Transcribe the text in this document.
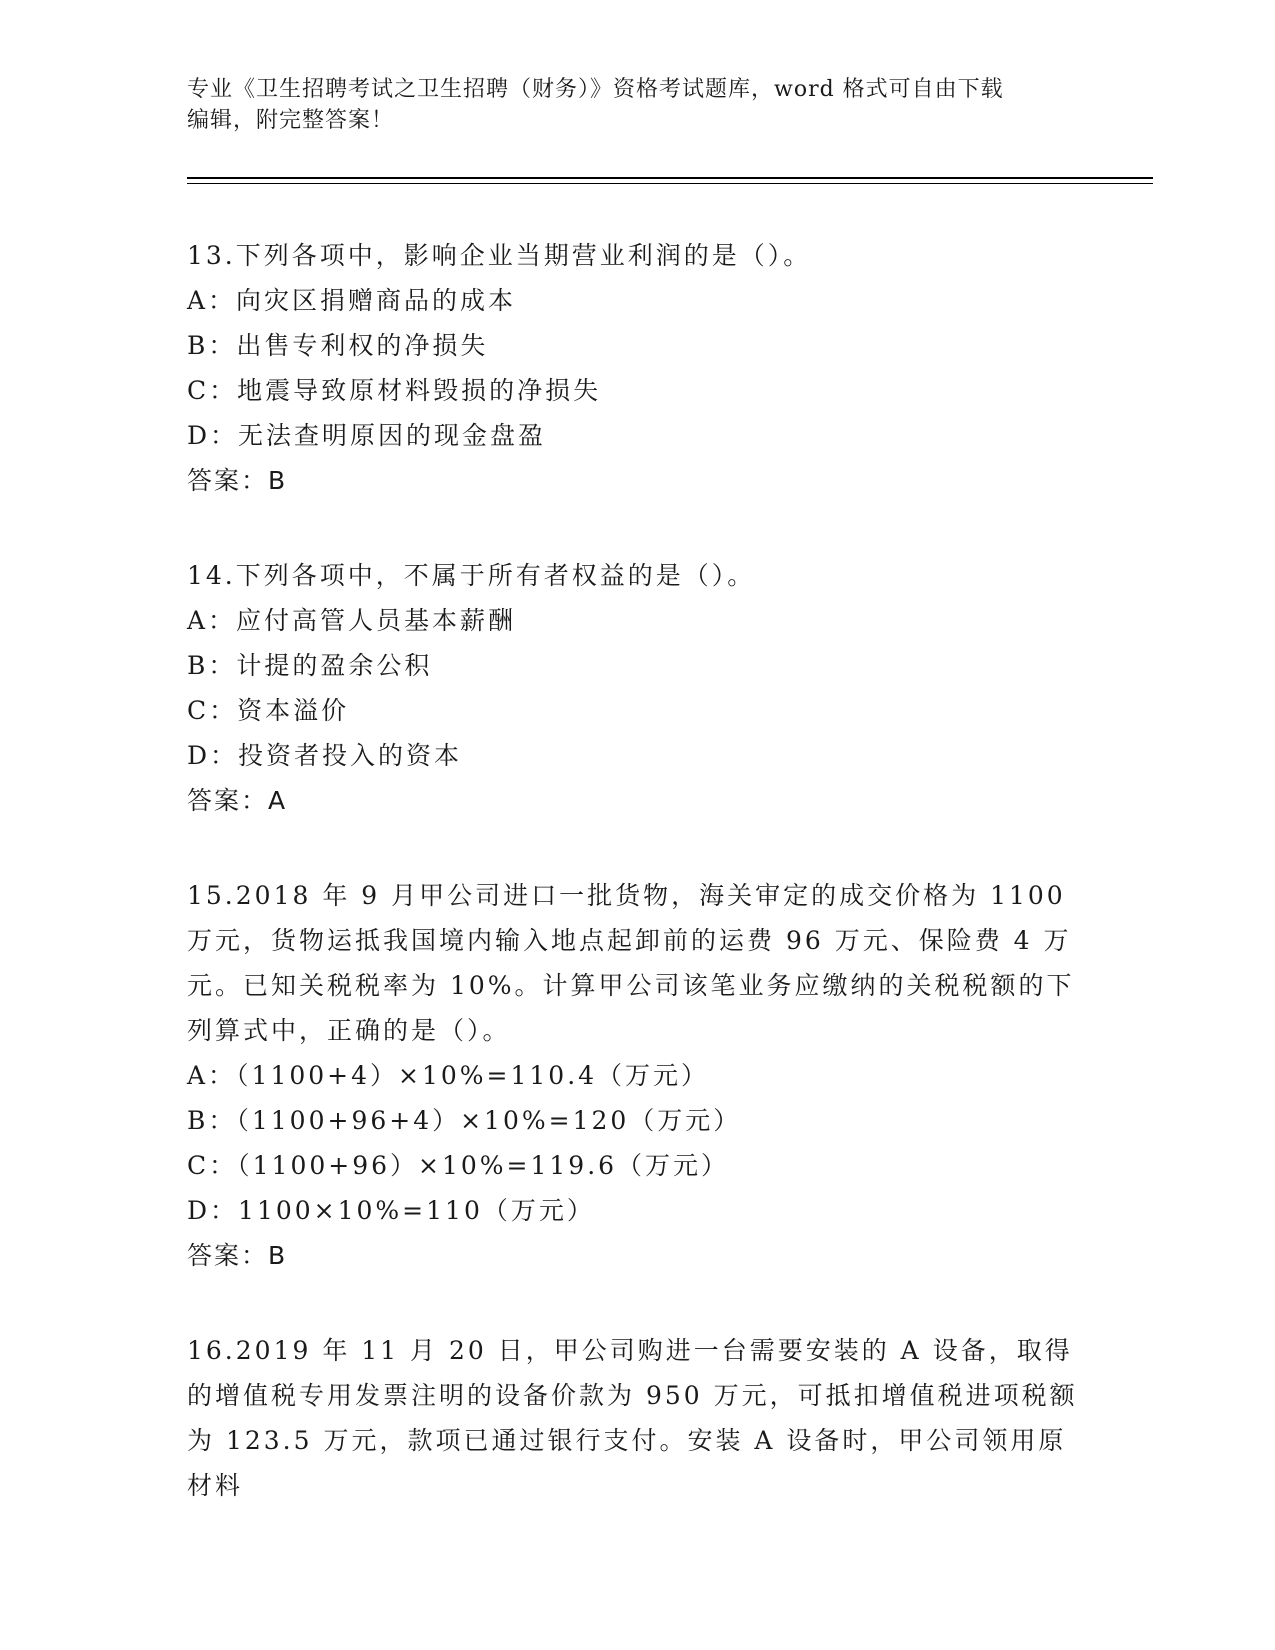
专业《卫生招聘考试之卫生招聘（财务）》资格考试题库，word 格式可自由下载
编辑，附完整答案！

13.下列各项中，影响企业当期营业利润的是（）。

A：向灾区捐赠商品的成本

B：出售专利权的净损失

C：地震导致原材料毁损的净损失

D：无法查明原因的现金盘盈

答案：B

14.下列各项中，不属于所有者权益的是（）。

A：应付高管人员基本薪酬

B：计提的盈余公积

C：资本溢价

D：投资者投入的资本

答案：A

15.2018 年 9 月甲公司进口一批货物，海关审定的成交价格为 1100 万元，货物运抵我国境内输入地点起卸前的运费 96 万元、保险费 4 万元。已知关税税率为 10%。计算甲公司该笔业务应缴纳的关税税额的下列算式中，正确的是（）。

A：（1100+4）×10%=110.4（万元）

B：（1100+96+4）×10%=120（万元）

C：（1100+96）×10%=119.6（万元）

D：1100×10%=110（万元）

答案：B

16.2019 年 11 月 20 日，甲公司购进一台需要安装的 A 设备，取得的增值税专用发票注明的设备价款为 950 万元，可抵扣增值税进项税额为 123.5 万元，款项已通过银行支付。安装 A 设备时，甲公司领用原材料
